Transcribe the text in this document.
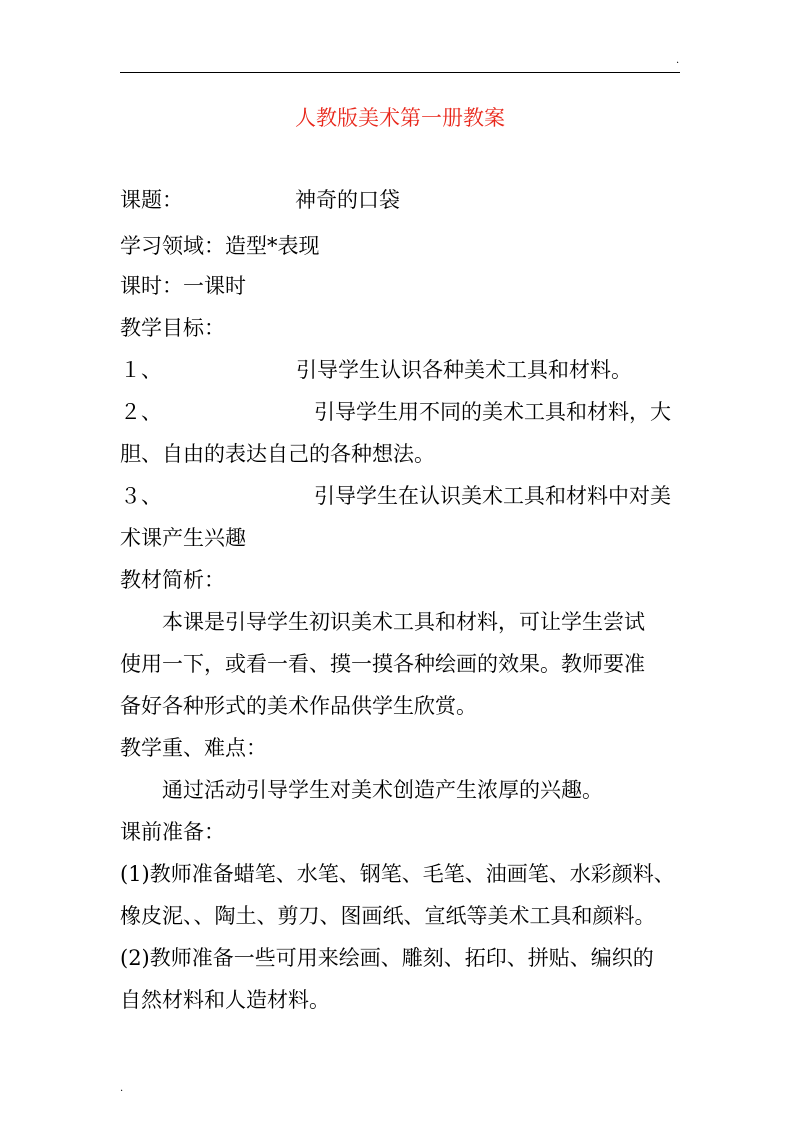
.
人教版美术第一册教案
课题：	神奇的口袋
学习领域：造型*表现
课时：一课时
教学目标：
１、	引导学生认识各种美术工具和材料。
２、	引导学生用不同的美术工具和材料，大
胆、自由的表达自己的各种想法。
３、	引导学生在认识美术工具和材料中对美
术课产生兴趣
教材简析：
本课是引导学生初识美术工具和材料，可让学生尝试
使用一下，或看一看、摸一摸各种绘画的效果。教师要准
备好各种形式的美术作品供学生欣赏。
教学重、难点：
通过活动引导学生对美术创造产生浓厚的兴趣。
课前准备：
(1)教师准备蜡笔、水笔、钢笔、毛笔、油画笔、水彩颜料、
橡皮泥、、陶土、剪刀、图画纸、宣纸等美术工具和颜料。
(2)教师准备一些可用来绘画、雕刻、拓印、拼贴、编织的
自然材料和人造材料。
.
